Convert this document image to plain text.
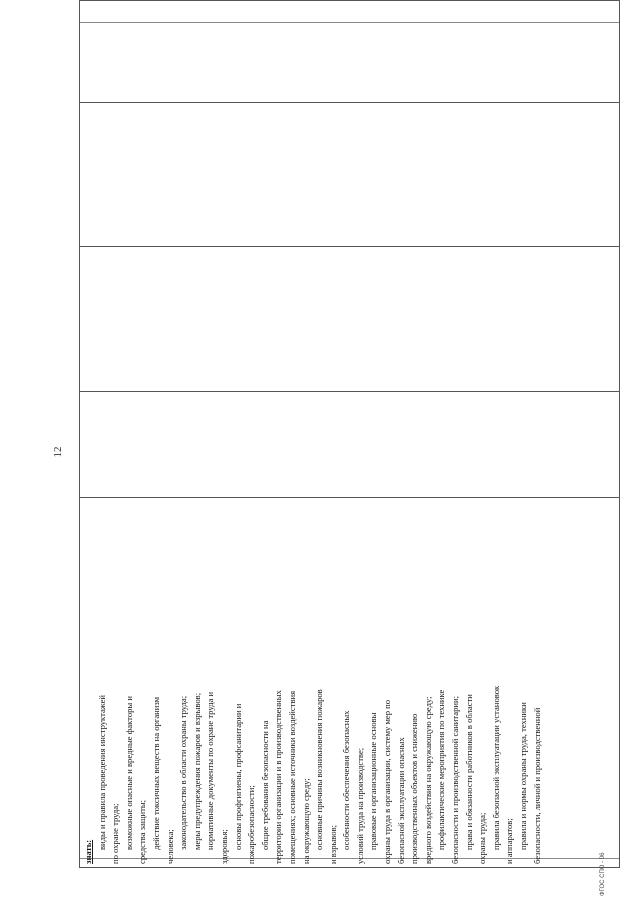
12
ФГОС СПО - 06
знать:
виды и правила проведения инструктажей по охране труда; возможные опасные и вредные факторы и средства защиты; действие токсичных веществ на организм человека; законодательство в области охраны труда; меры предупреждения пожаров и взрывов; нормативные документы по охране труда и здоровья; основы профгигиены, профсанитарии и пожаробезопасности; общие требования безопасности на территории организации и в производственных помещениях; основные источники воздействия на окружающую среду; основные причины возникновения пожаров и взрывов; особенности обеспечения безопасных условий труда на производстве; правовые и организационные основы охраны труда в организации, систему мер по безопасной эксплуатации опасных производственных объектов и снижению вредного воздействия на окружающую среду; профилактические мероприятия по технике безопасности и производственной санитарии; права и обязанности работников в области охраны труда; правила безопасной эксплуатации установок и аппаратов; правила и нормы охраны труда, техники безопасности, личной и производственной
